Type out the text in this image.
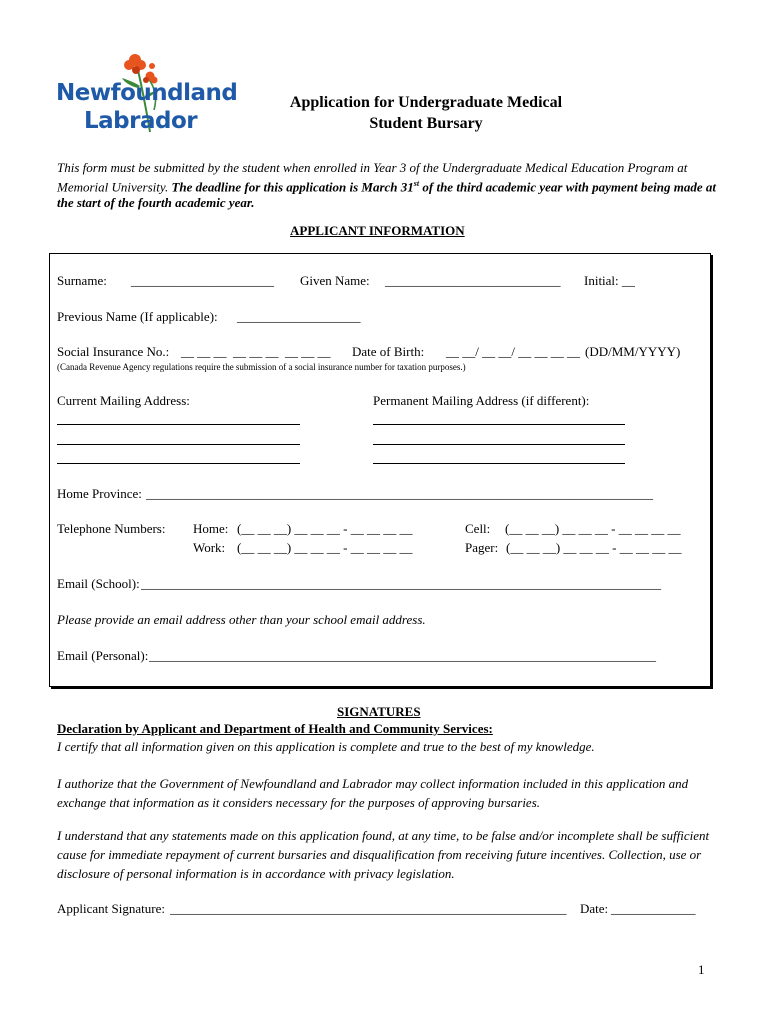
Newfoundland
Labrador
Application for Undergraduate Medical
Student Bursary
This form must be submitted by the student when enrolled in Year 3 of the Undergraduate Medical Education Program at Memorial University. The deadline for this application is March 31st of the third academic year with payment being made at the start of the fourth academic year.
APPLICANT INFORMATION
Surname: ______________________ Given Name: ___________________________ Initial: __
Previous Name (If applicable): ___________________
Social Insurance No.: __ __ __  __ __ __  __ __ __ Date of Birth: __ __/ __ __/ __ __ __ __ (DD/MM/YYYY)
(Canada Revenue Agency regulations require the submission of a social insurance number for taxation purposes.)
Current Mailing Address:	Permanent Mailing Address (if different):
Home Province: ______________________________________________________________________________
Telephone Numbers: Home: (__ __ __) __ __ __ - __ __ __ __
Work: (__ __ __) __ __ __ - __ __ __ __
Cell: (__ __ __) __ __ __ - __ __ __ __
Pager: (__ __ __) __ __ __ - __ __ __ __
Email (School): ________________________________________________________________________________
Please provide an email address other than your school email address.
Email (Personal): ______________________________________________________________________________
SIGNATURES
Declaration by Applicant and Department of Health and Community Services:
I certify that all information given on this application is complete and true to the best of my knowledge.
I authorize that the Government of Newfoundland and Labrador may collect information included in this application and exchange that information as it considers necessary for the purposes of approving bursaries.
I understand that any statements made on this application found, at any time, to be false and/or incomplete shall be sufficient cause for immediate repayment of current bursaries and disqualification from receiving future incentives. Collection, use or disclosure of personal information is in accordance with privacy legislation.
Applicant Signature: _____________________________________________________________	Date: _____________
1
